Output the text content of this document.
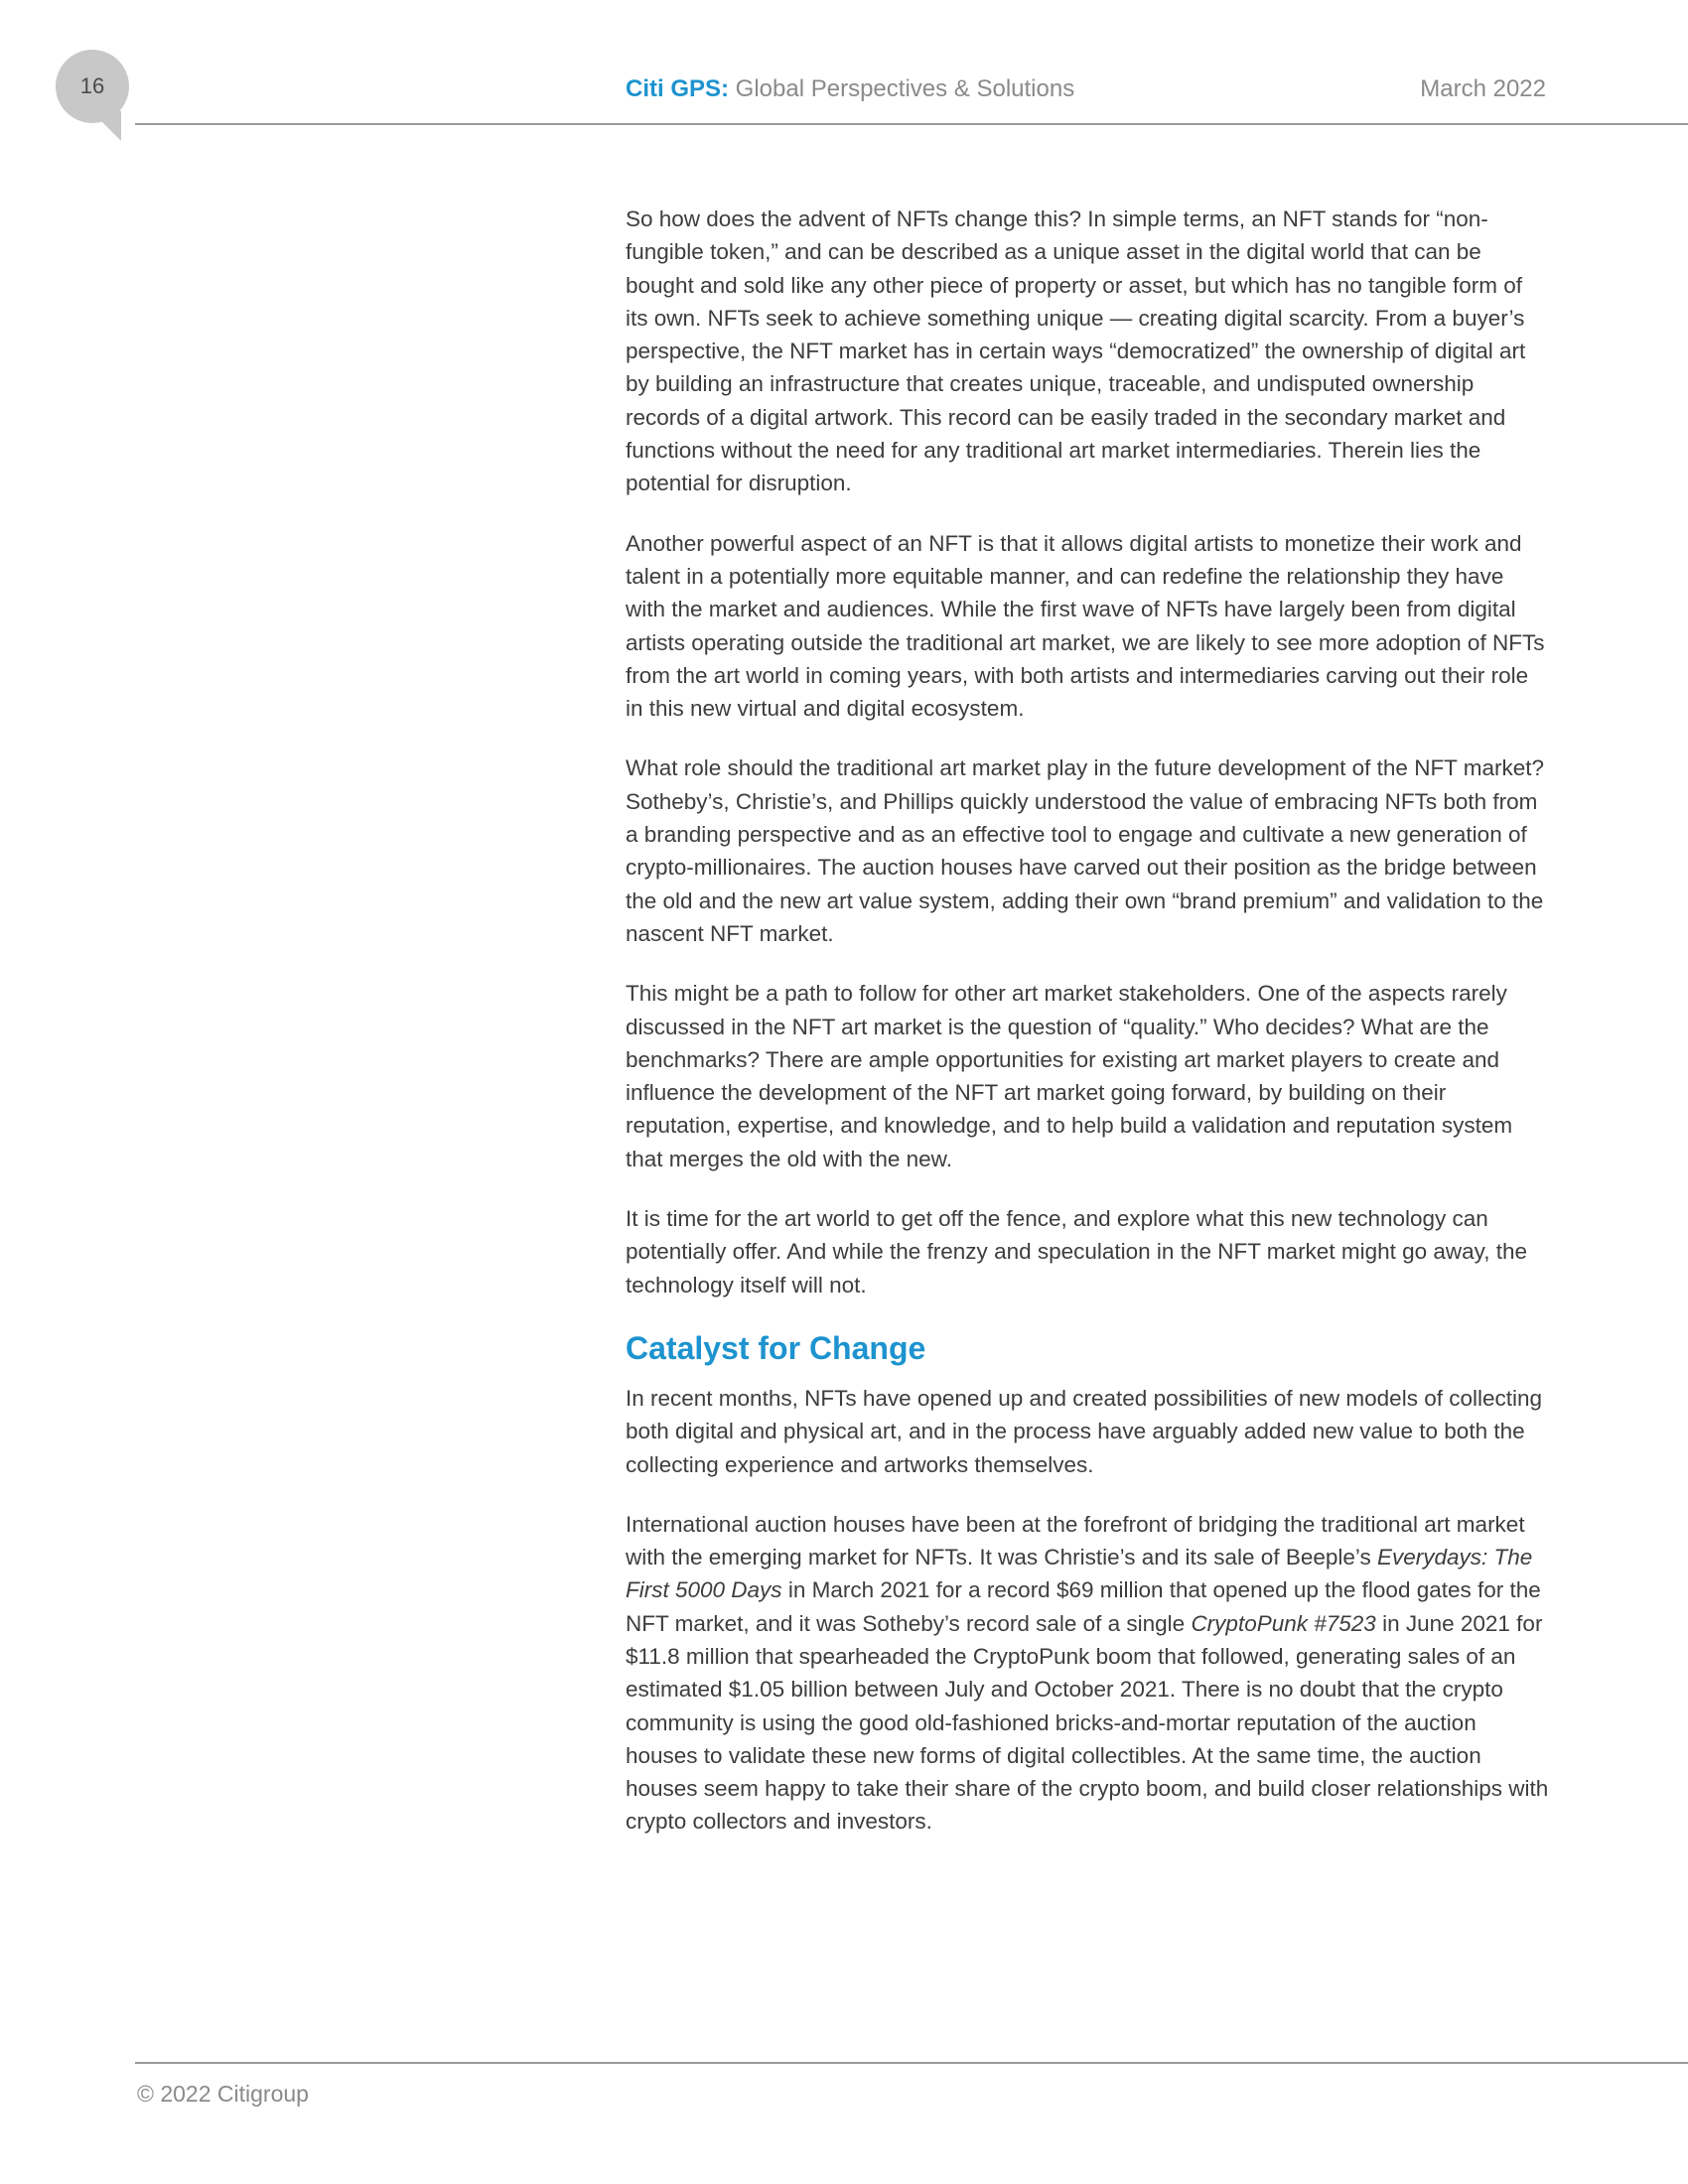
16	Citi GPS: Global Perspectives & Solutions	March 2022

So how does the advent of NFTs change this? In simple terms, an NFT stands for “non-fungible token,” and can be described as a unique asset in the digital world that can be bought and sold like any other piece of property or asset, but which has no tangible form of its own. NFTs seek to achieve something unique — creating digital scarcity. From a buyer’s perspective, the NFT market has in certain ways “democratized” the ownership of digital art by building an infrastructure that creates unique, traceable, and undisputed ownership records of a digital artwork. This record can be easily traded in the secondary market and functions without the need for any traditional art market intermediaries. Therein lies the potential for disruption.

Another powerful aspect of an NFT is that it allows digital artists to monetize their work and talent in a potentially more equitable manner, and can redefine the relationship they have with the market and audiences. While the first wave of NFTs have largely been from digital artists operating outside the traditional art market, we are likely to see more adoption of NFTs from the art world in coming years, with both artists and intermediaries carving out their role in this new virtual and digital ecosystem.

What role should the traditional art market play in the future development of the NFT market? Sotheby’s, Christie’s, and Phillips quickly understood the value of embracing NFTs both from a branding perspective and as an effective tool to engage and cultivate a new generation of crypto-millionaires. The auction houses have carved out their position as the bridge between the old and the new art value system, adding their own “brand premium” and validation to the nascent NFT market.

This might be a path to follow for other art market stakeholders. One of the aspects rarely discussed in the NFT art market is the question of “quality.” Who decides? What are the benchmarks? There are ample opportunities for existing art market players to create and influence the development of the NFT art market going forward, by building on their reputation, expertise, and knowledge, and to help build a validation and reputation system that merges the old with the new.

It is time for the art world to get off the fence, and explore what this new technology can potentially offer. And while the frenzy and speculation in the NFT market might go away, the technology itself will not.

Catalyst for Change

In recent months, NFTs have opened up and created possibilities of new models of collecting both digital and physical art, and in the process have arguably added new value to both the collecting experience and artworks themselves.

International auction houses have been at the forefront of bridging the traditional art market with the emerging market for NFTs. It was Christie’s and its sale of Beeple’s Everydays: The First 5000 Days in March 2021 for a record $69 million that opened up the flood gates for the NFT market, and it was Sotheby’s record sale of a single CryptoPunk #7523 in June 2021 for $11.8 million that spearheaded the CryptoPunk boom that followed, generating sales of an estimated $1.05 billion between July and October 2021. There is no doubt that the crypto community is using the good old-fashioned bricks-and-mortar reputation of the auction houses to validate these new forms of digital collectibles. At the same time, the auction houses seem happy to take their share of the crypto boom, and build closer relationships with crypto collectors and investors.

© 2022 Citigroup
